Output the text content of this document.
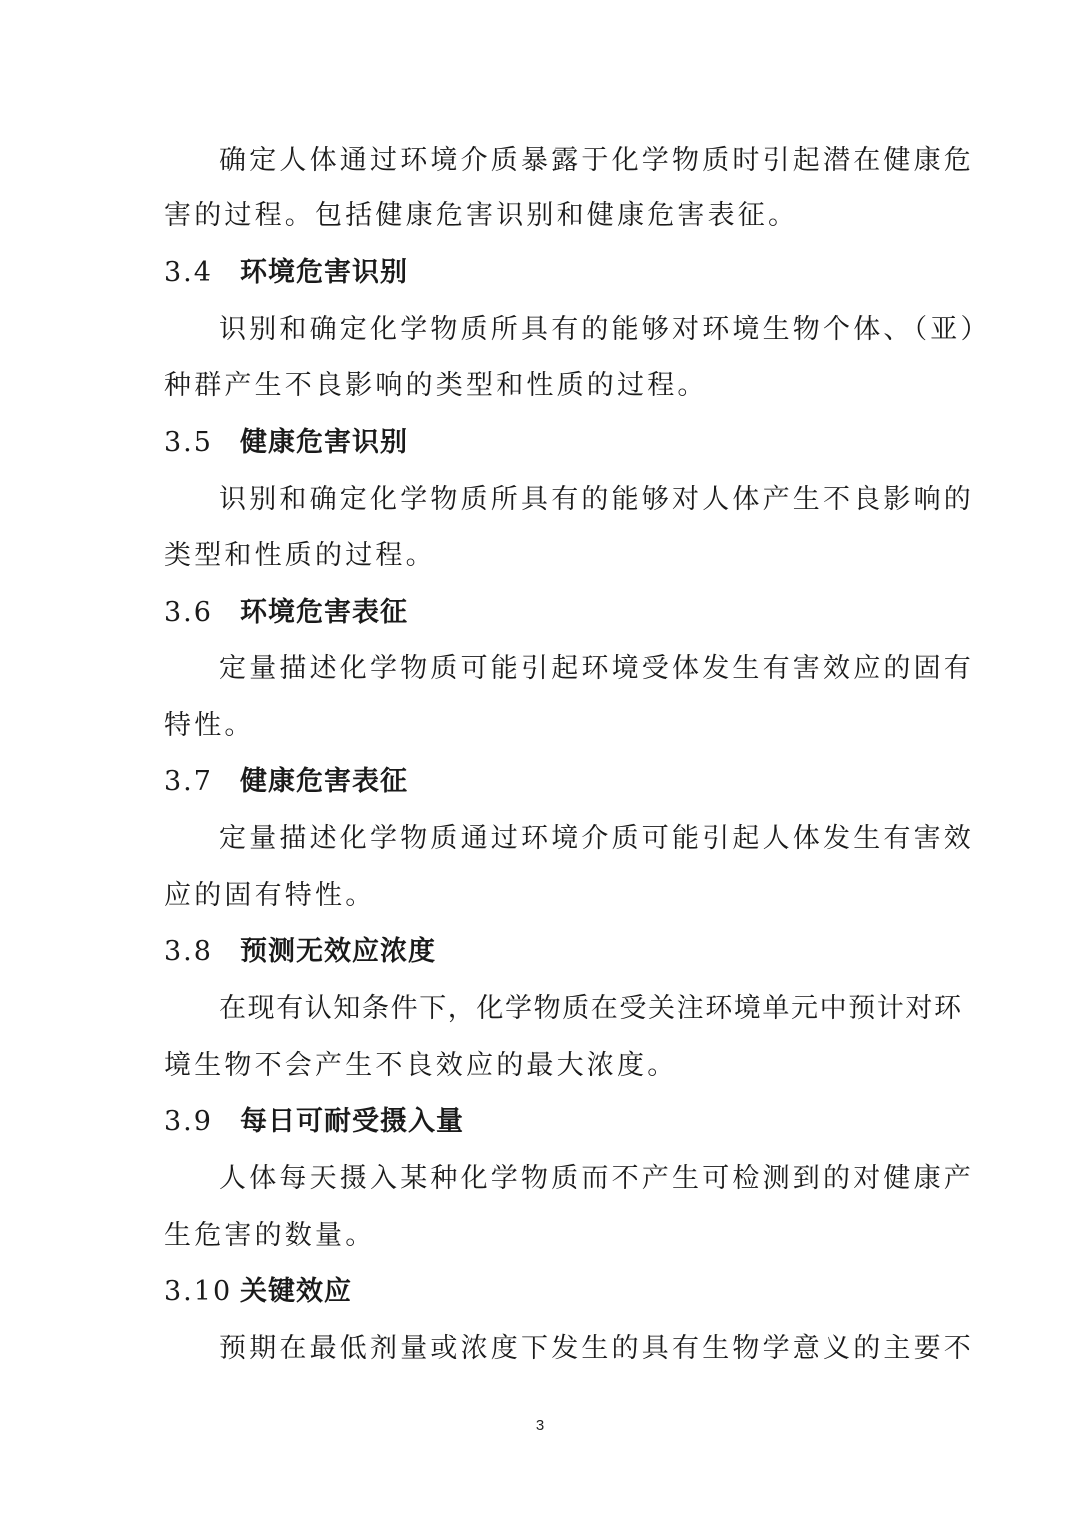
确定人体通过环境介质暴露于化学物质时引起潜在健康危
害的过程。包括健康危害识别和健康危害表征。
3.4 环境危害识别
识别和确定化学物质所具有的能够对环境生物个体、（亚）
种群产生不良影响的类型和性质的过程。
3.5 健康危害识别
识别和确定化学物质所具有的能够对人体产生不良影响的
类型和性质的过程。
3.6 环境危害表征
定量描述化学物质可能引起环境受体发生有害效应的固有
特性。
3.7 健康危害表征
定量描述化学物质通过环境介质可能引起人体发生有害效
应的固有特性。
3.8 预测无效应浓度
在现有认知条件下，化学物质在受关注环境单元中预计对环
境生物不会产生不良效应的最大浓度。
3.9 每日可耐受摄入量
人体每天摄入某种化学物质而不产生可检测到的对健康产
生危害的数量。
3.10 关键效应
预期在最低剂量或浓度下发生的具有生物学意义的主要不
3
